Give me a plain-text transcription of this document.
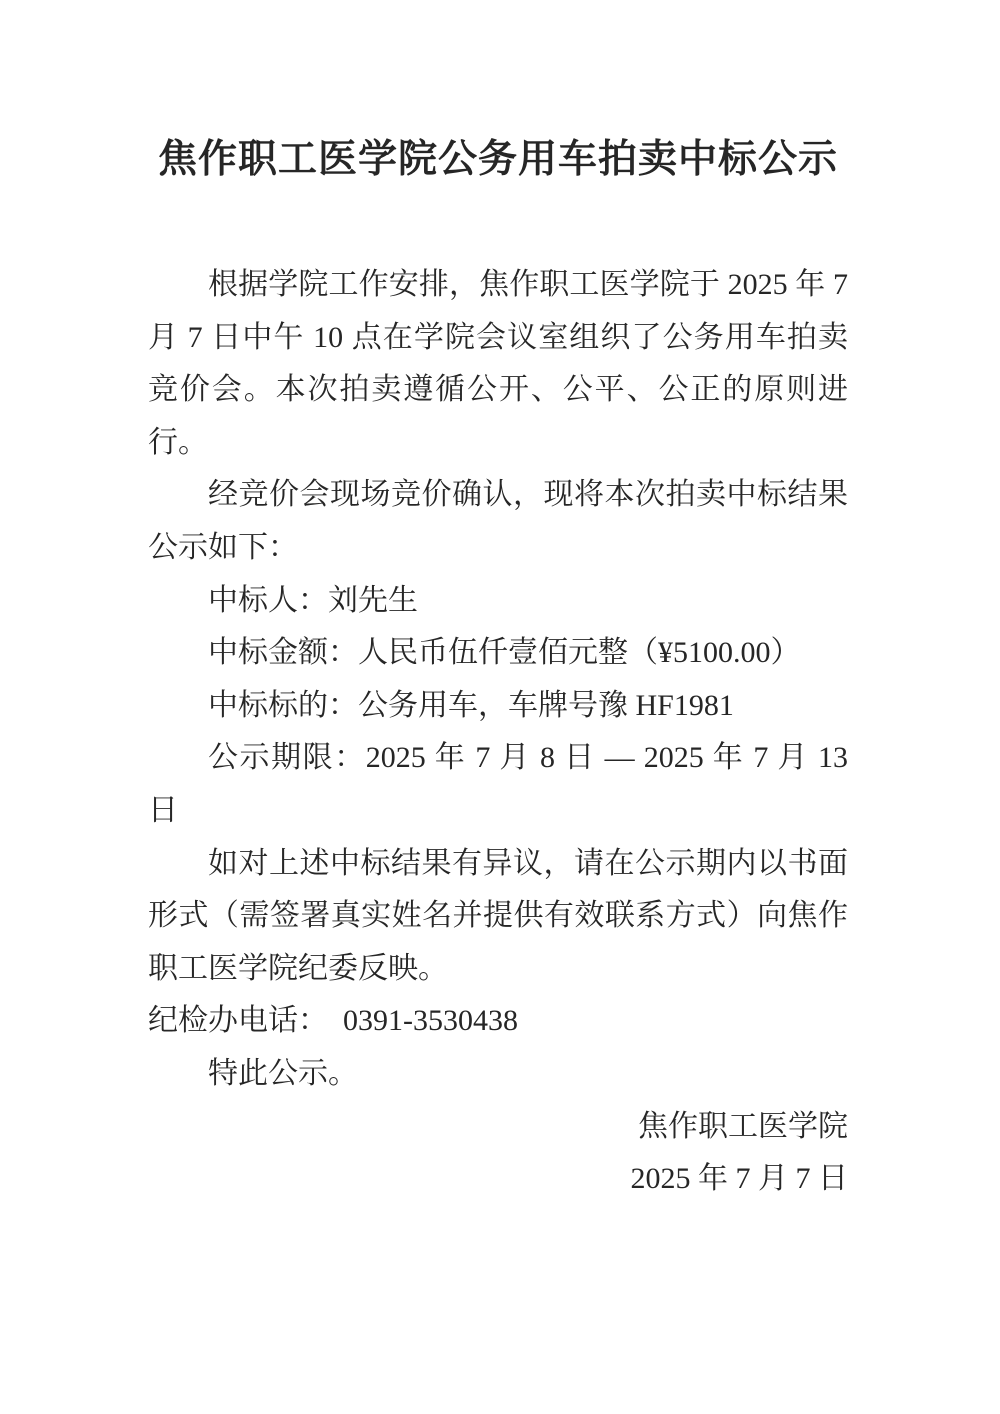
焦作职工医学院公务用车拍卖中标公示

根据学院工作安排，焦作职工医学院于 2025 年 7 月 7 日中午 10 点在学院会议室组织了公务用车拍卖竞价会。本次拍卖遵循公开、公平、公正的原则进行。

经竞价会现场竞价确认，现将本次拍卖中标结果公示如下：

中标人：刘先生

中标金额：人民币伍仟壹佰元整（¥5100.00）

中标标的：公务用车，车牌号豫 HF1981

公示期限：2025 年 7 月 8 日 — 2025 年 7 月 13 日

如对上述中标结果有异议，请在公示期内以书面形式（需签署真实姓名并提供有效联系方式）向焦作职工医学院纪委反映。

纪检办电话：  0391-3530438

特此公示。

焦作职工医学院

2025 年 7 月 7 日
